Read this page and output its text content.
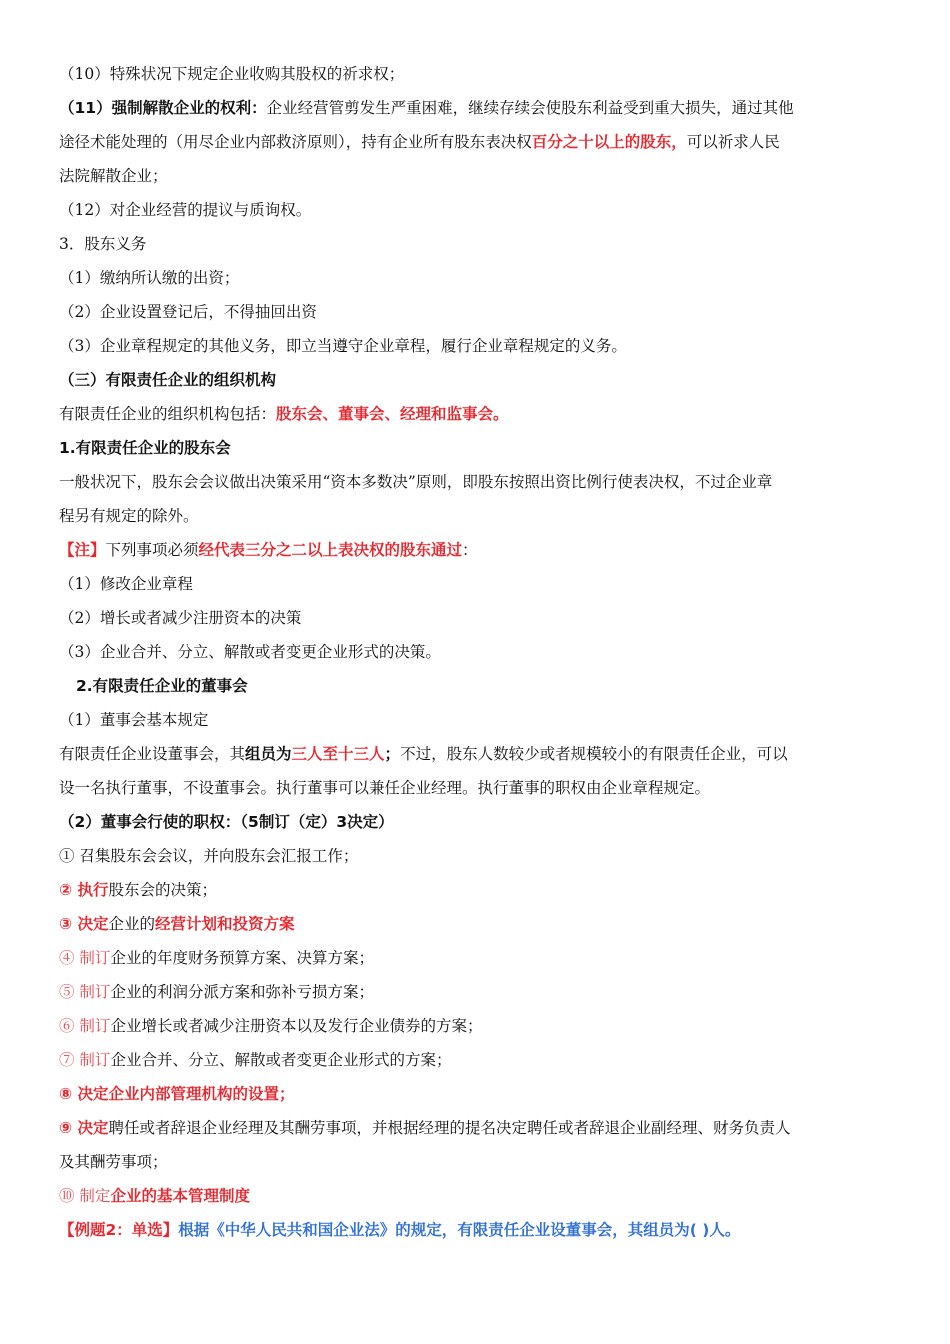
（10）特殊状况下规定企业收购其股权的祈求权；
（11）强制解散企业的权利：企业经营管剪发生严重困难，继续存续会使股东利益受到重大损失，通过其他
途径术能处理的（用尽企业内部救济原则），持有企业所有股东表决权百分之十以上的股东，可以祈求人民
法院解散企业；
（12）对企业经营的提议与质询权。
3．股东义务
（1）缴纳所认缴的出资；
（2）企业设置登记后，不得抽回出资
（3）企业章程规定的其他义务，即立当遵守企业章程，履行企业章程规定的义务。
（三）有限责任企业的组织机构
有限责任企业的组织机构包括：股东会、董事会、经理和监事会。
1.有限责任企业的股东会
一般状况下，股东会会议做出决策采用“资本多数决”原则，即股东按照出资比例行使表决权，不过企业章
程另有规定的除外。
【注】下列事项必须经代表三分之二以上表决权的股东通过：
（1）修改企业章程
（2）增长或者减少注册资本的决策
（3）企业合并、分立、解散或者变更企业形式的决策。
2.有限责任企业的董事会
（1）董事会基本规定
有限责任企业设董事会，其组员为三人至十三人；不过，股东人数较少或者规模较小的有限责任企业，可以
设一名执行董事，不设董事会。执行董事可以兼任企业经理。执行董事的职权由企业章程规定。
（2）董事会行使的职权：（5制订（定）3决定）
① 召集股东会会议，并向股东会汇报工作；
② 执行股东会的决策；
③ 决定企业的经营计划和投资方案
④ 制订企业的年度财务预算方案、决算方案；
⑤ 制订企业的利润分派方案和弥补亏损方案；
⑥ 制订企业增长或者减少注册资本以及发行企业债券的方案；
⑦ 制订企业合并、分立、解散或者变更企业形式的方案；
⑧ 决定企业内部管理机构的设置；
⑨ 决定聘任或者辞退企业经理及其酬劳事项，并根据经理的提名决定聘任或者辞退企业副经理、财务负责人
及其酬劳事项；
⑩ 制定企业的基本管理制度
【例题2：单选】根据《中华人民共和国企业法》的规定，有限责任企业设董事会，其组员为( )人。
